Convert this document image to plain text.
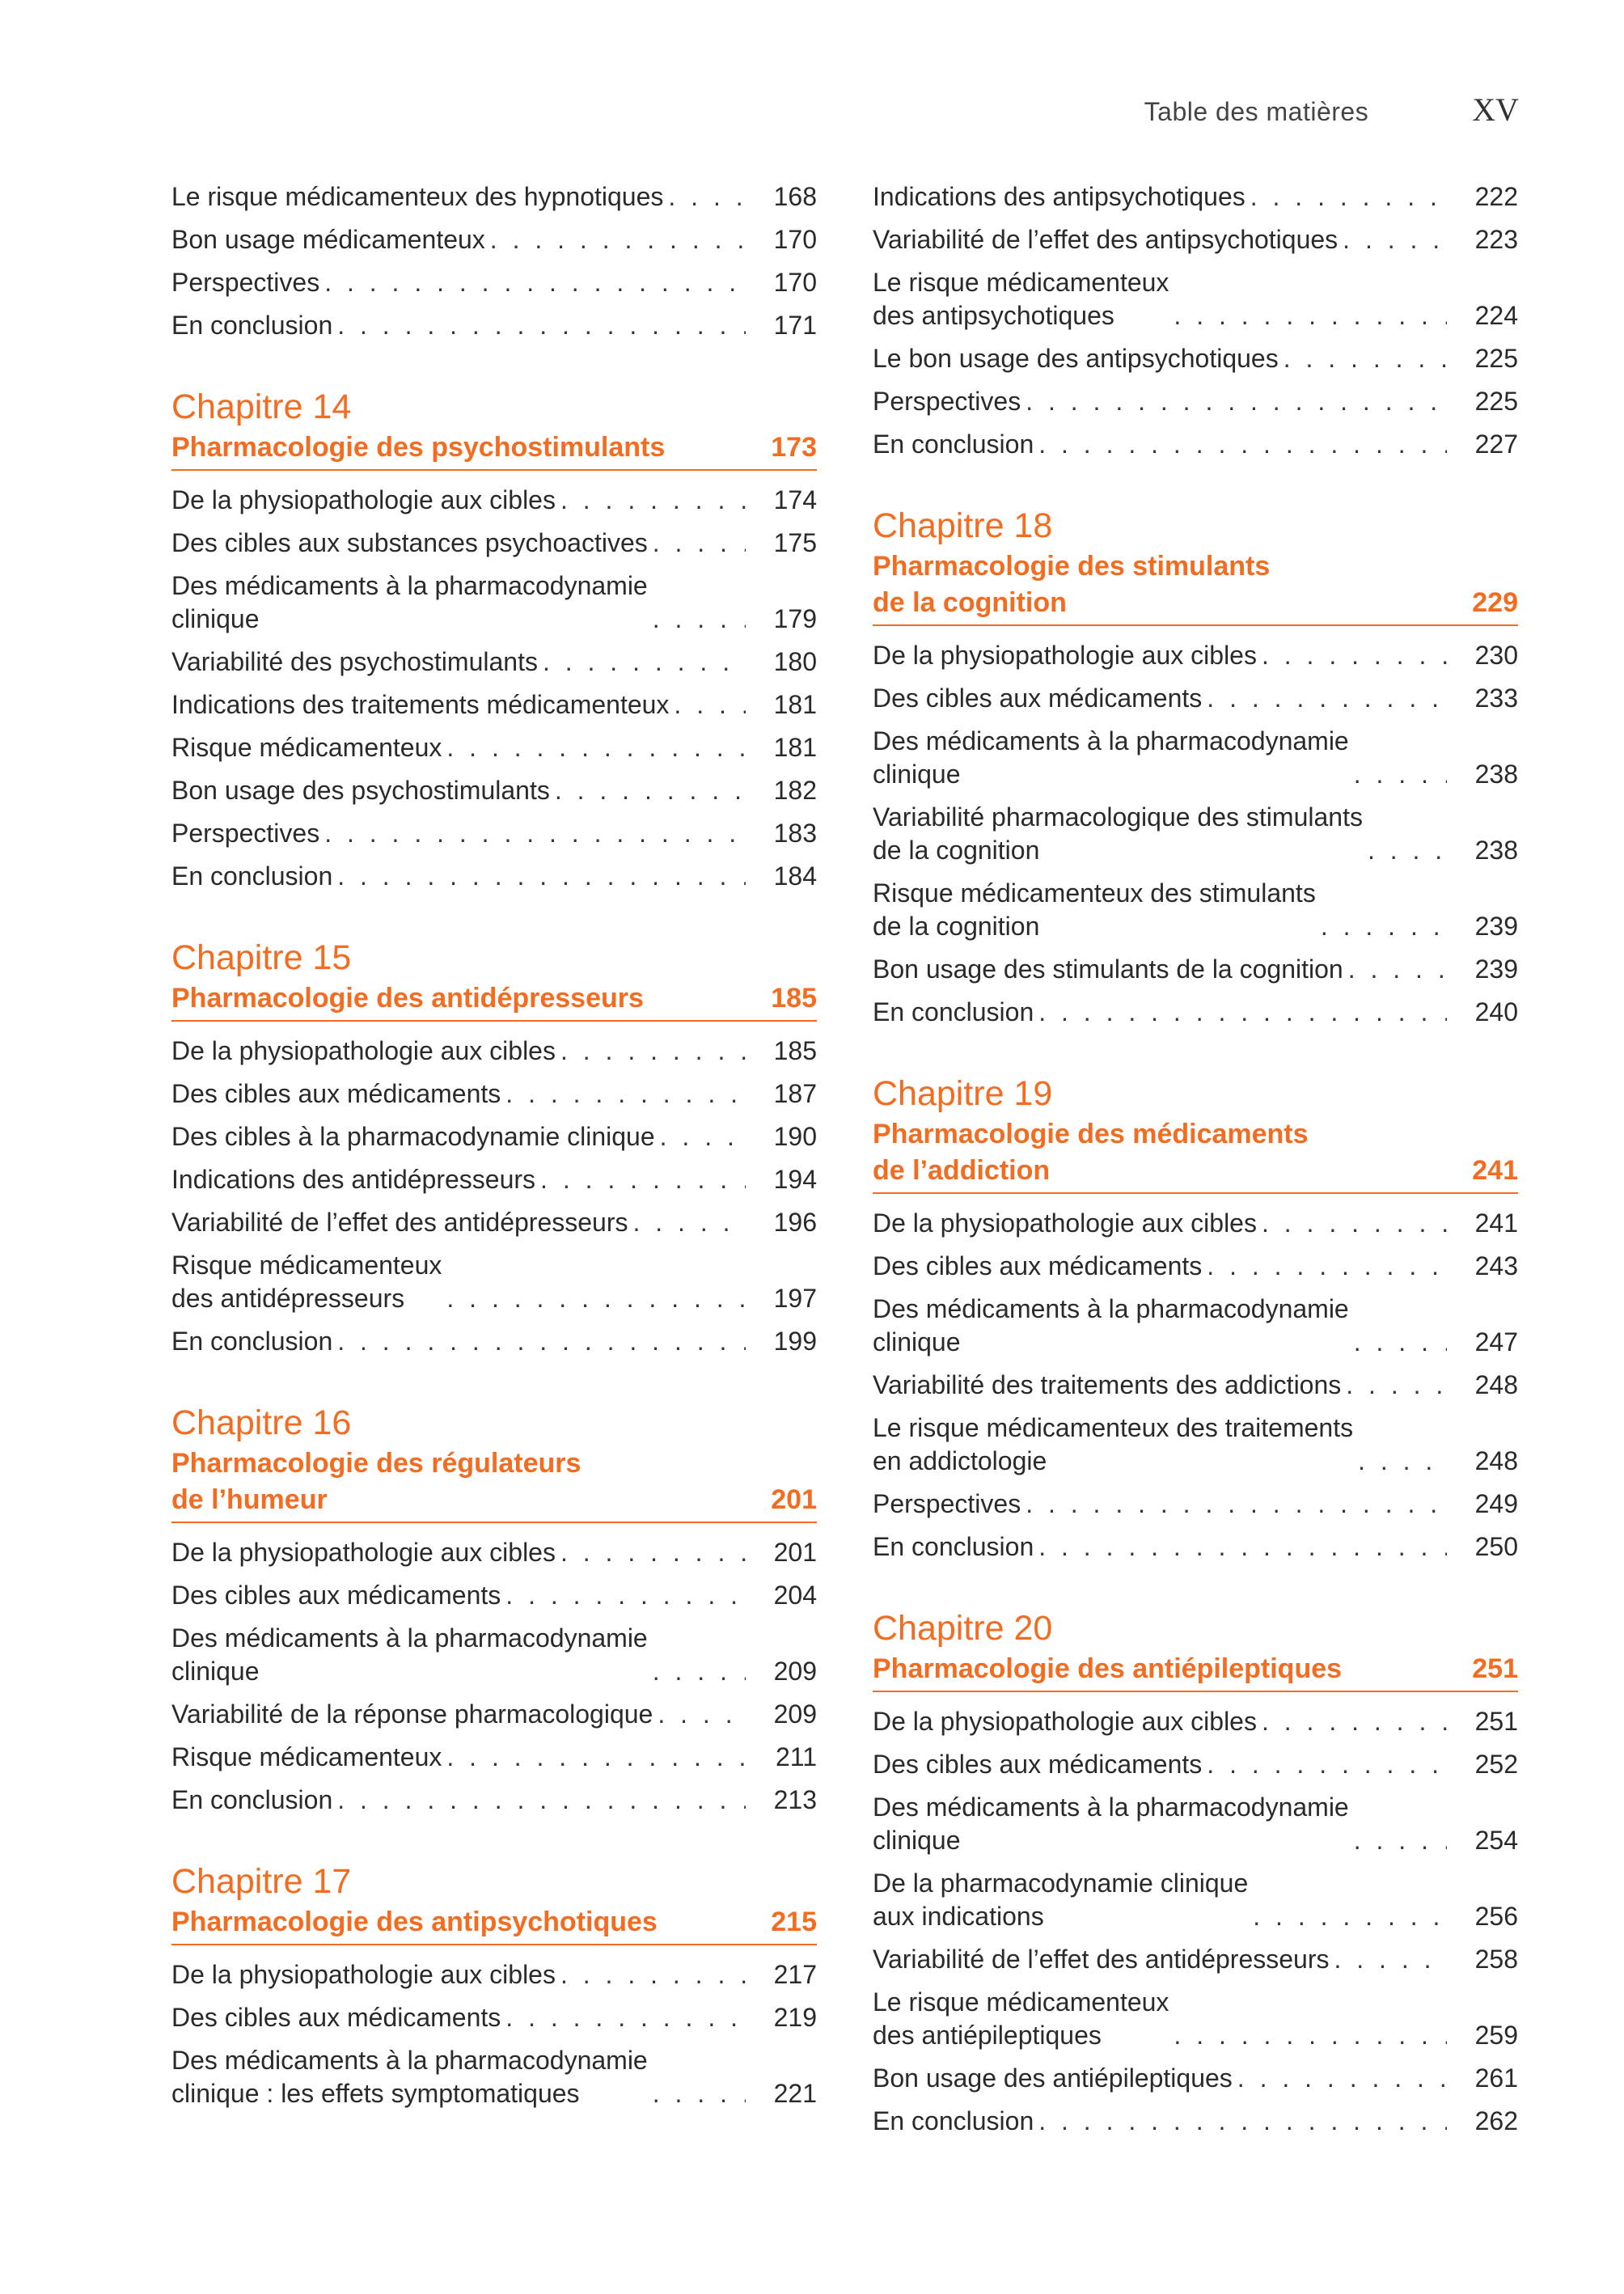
Table des matières	XV
Le risque médicamenteux des hypnotiques . . .	168
Bon usage médicamenteux . . .	170
Perspectives . . .	170
En conclusion . . .	171
Chapitre 14
Pharmacologie des psychostimulants	173
De la physiopathologie aux cibles . . .	174
Des cibles aux substances psychoactives . . .	175
Des médicaments à la pharmacodynamie
clinique . . .	179
Variabilité des psychostimulants . . .	180
Indications des traitements médicamenteux . . .	181
Risque médicamenteux . . .	181
Bon usage des psychostimulants . . .	182
Perspectives . . .	183
En conclusion . . .	184
Chapitre 15
Pharmacologie des antidépresseurs	185
De la physiopathologie aux cibles . . .	185
Des cibles aux médicaments . . .	187
Des cibles à la pharmacodynamie clinique . . .	190
Indications des antidépresseurs . . .	194
Variabilité de l’effet des antidépresseurs . . .	196
Risque médicamenteux
des antidépresseurs . . .	197
En conclusion . . .	199
Chapitre 16
Pharmacologie des régulateurs
de l’humeur	201
De la physiopathologie aux cibles . . .	201
Des cibles aux médicaments . . .	204
Des médicaments à la pharmacodynamie
clinique . . .	209
Variabilité de la réponse pharmacologique . . .	209
Risque médicamenteux . . .	211
En conclusion . . .	213
Chapitre 17
Pharmacologie des antipsychotiques	215
De la physiopathologie aux cibles . . .	217
Des cibles aux médicaments . . .	219
Des médicaments à la pharmacodynamie
clinique : les effets symptomatiques . . .	221
Indications des antipsychotiques . . .	222
Variabilité de l’effet des antipsychotiques . . .	223
Le risque médicamenteux
des antipsychotiques . . .	224
Le bon usage des antipsychotiques . . .	225
Perspectives . . .	225
En conclusion . . .	227
Chapitre 18
Pharmacologie des stimulants
de la cognition	229
De la physiopathologie aux cibles . . .	230
Des cibles aux médicaments . . .	233
Des médicaments à la pharmacodynamie
clinique . . .	238
Variabilité pharmacologique des stimulants
de la cognition . . .	238
Risque médicamenteux des stimulants
de la cognition . . .	239
Bon usage des stimulants de la cognition . . .	239
En conclusion . . .	240
Chapitre 19
Pharmacologie des médicaments
de l’addiction	241
De la physiopathologie aux cibles . . .	241
Des cibles aux médicaments . . .	243
Des médicaments à la pharmacodynamie
clinique . . .	247
Variabilité des traitements des addictions . . .	248
Le risque médicamenteux des traitements
en addictologie . . .	248
Perspectives . . .	249
En conclusion . . .	250
Chapitre 20
Pharmacologie des antiépileptiques	251
De la physiopathologie aux cibles . . .	251
Des cibles aux médicaments . . .	252
Des médicaments à la pharmacodynamie
clinique . . .	254
De la pharmacodynamie clinique
aux indications . . .	256
Variabilité de l’effet des antidépresseurs . . .	258
Le risque médicamenteux
des antiépileptiques . . .	259
Bon usage des antiépileptiques . . .	261
En conclusion . . .	262
